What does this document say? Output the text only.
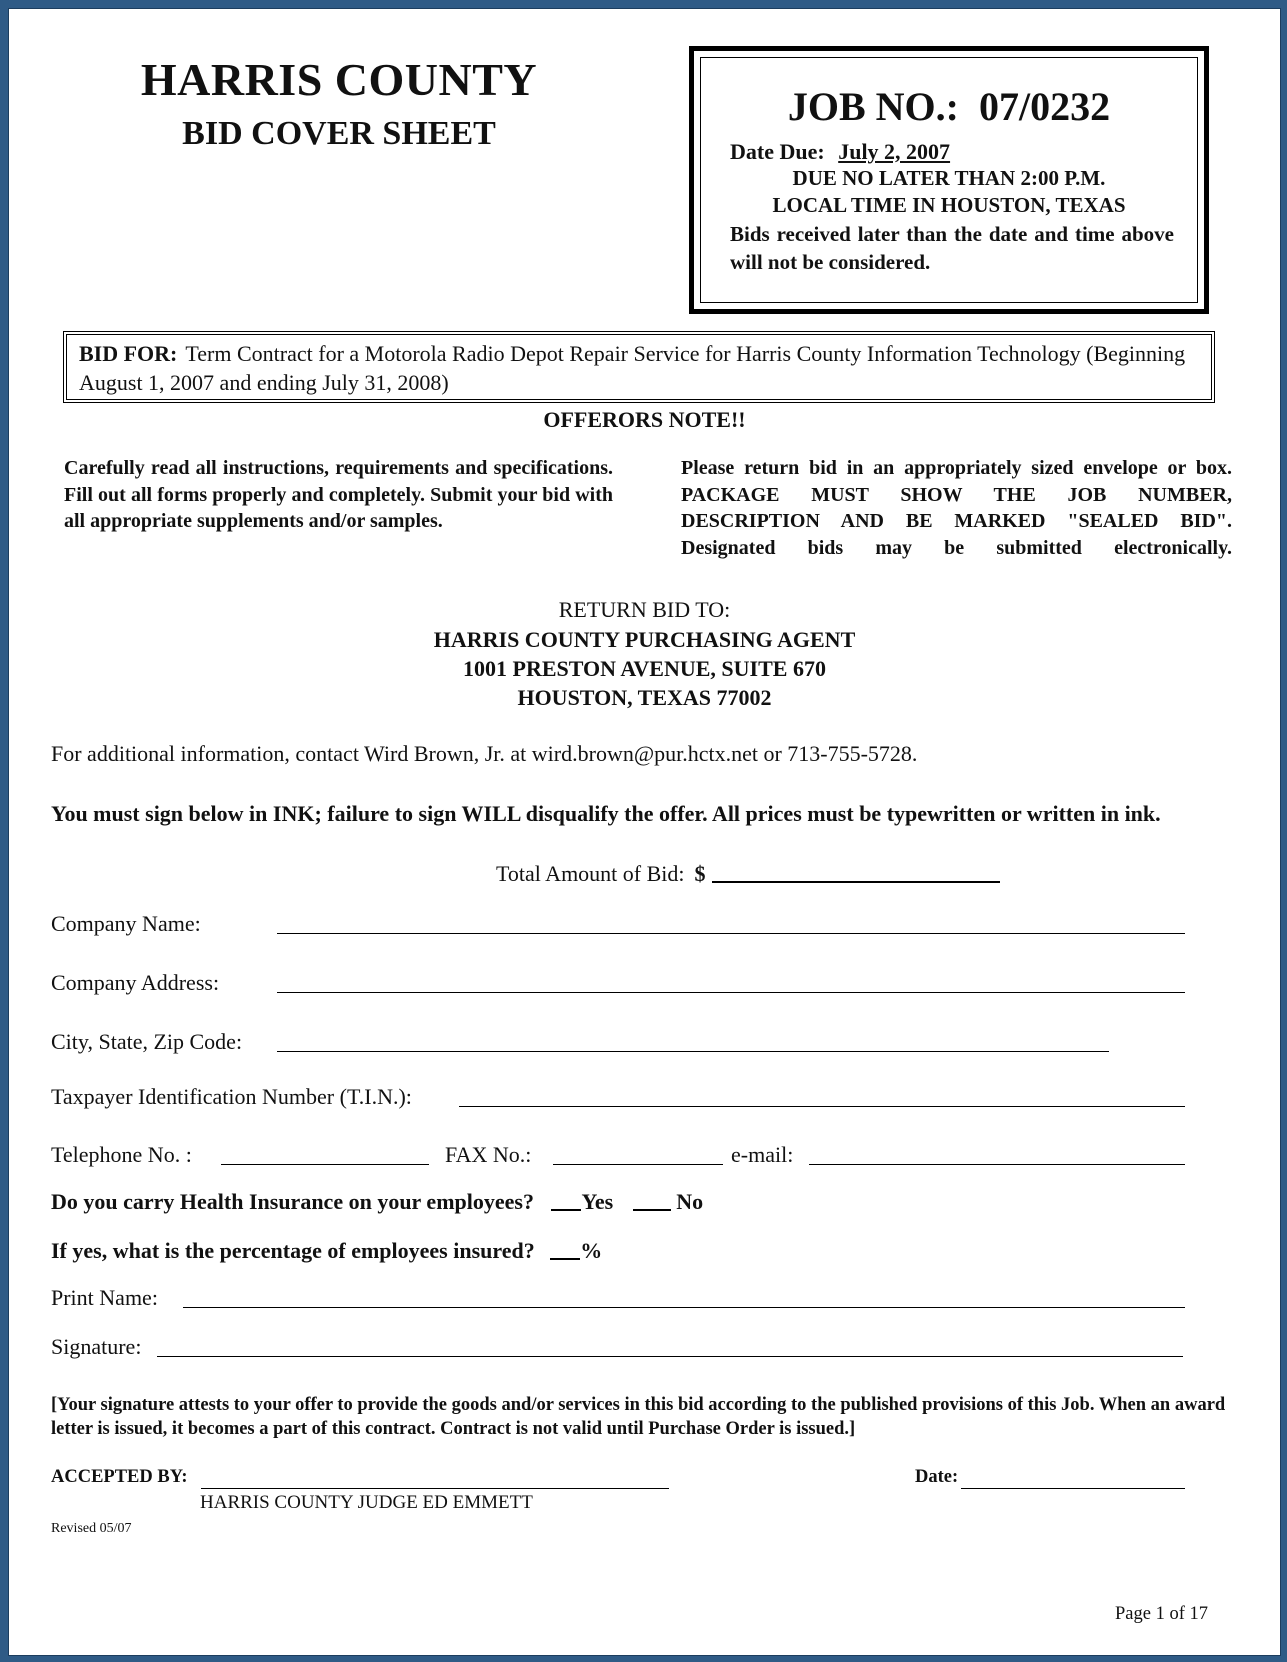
HARRIS COUNTY
BID COVER SHEET
JOB NO.: 07/0232
Date Due: July 2, 2007
DUE NO LATER THAN 2:00 P.M.
LOCAL TIME IN HOUSTON, TEXAS
Bids received later than the date and time above will not be considered.
BID FOR: Term Contract for a Motorola Radio Depot Repair Service for Harris County Information Technology (Beginning August 1, 2007 and ending July 31, 2008)
OFFERORS NOTE!!
Carefully read all instructions, requirements and specifications. Fill out all forms properly and completely. Submit your bid with all appropriate supplements and/or samples.
Please return bid in an appropriately sized envelope or box. PACKAGE MUST SHOW THE JOB NUMBER, DESCRIPTION AND BE MARKED "SEALED BID". Designated bids may be submitted electronically.
RETURN BID TO:
HARRIS COUNTY PURCHASING AGENT
1001 PRESTON AVENUE, SUITE 670
HOUSTON, TEXAS 77002
For additional information, contact Wird Brown, Jr. at wird.brown@pur.hctx.net or 713-755-5728.
You must sign below in INK; failure to sign WILL disqualify the offer. All prices must be typewritten or written in ink.
Total Amount of Bid: $
Company Name:
Company Address:
City, State, Zip Code:
Taxpayer Identification Number (T.I.N.):
Telephone No. :	FAX No.:	e-mail:
Do you carry Health Insurance on your employees? Yes	No
If yes, what is the percentage of employees insured? %
Print Name:
Signature:
[Your signature attests to your offer to provide the goods and/or services in this bid according to the published provisions of this Job. When an award letter is issued, it becomes a part of this contract. Contract is not valid until Purchase Order is issued.]
ACCEPTED BY:
HARRIS COUNTY JUDGE ED EMMETT
Date:
Revised 05/07
Page 1 of 17
